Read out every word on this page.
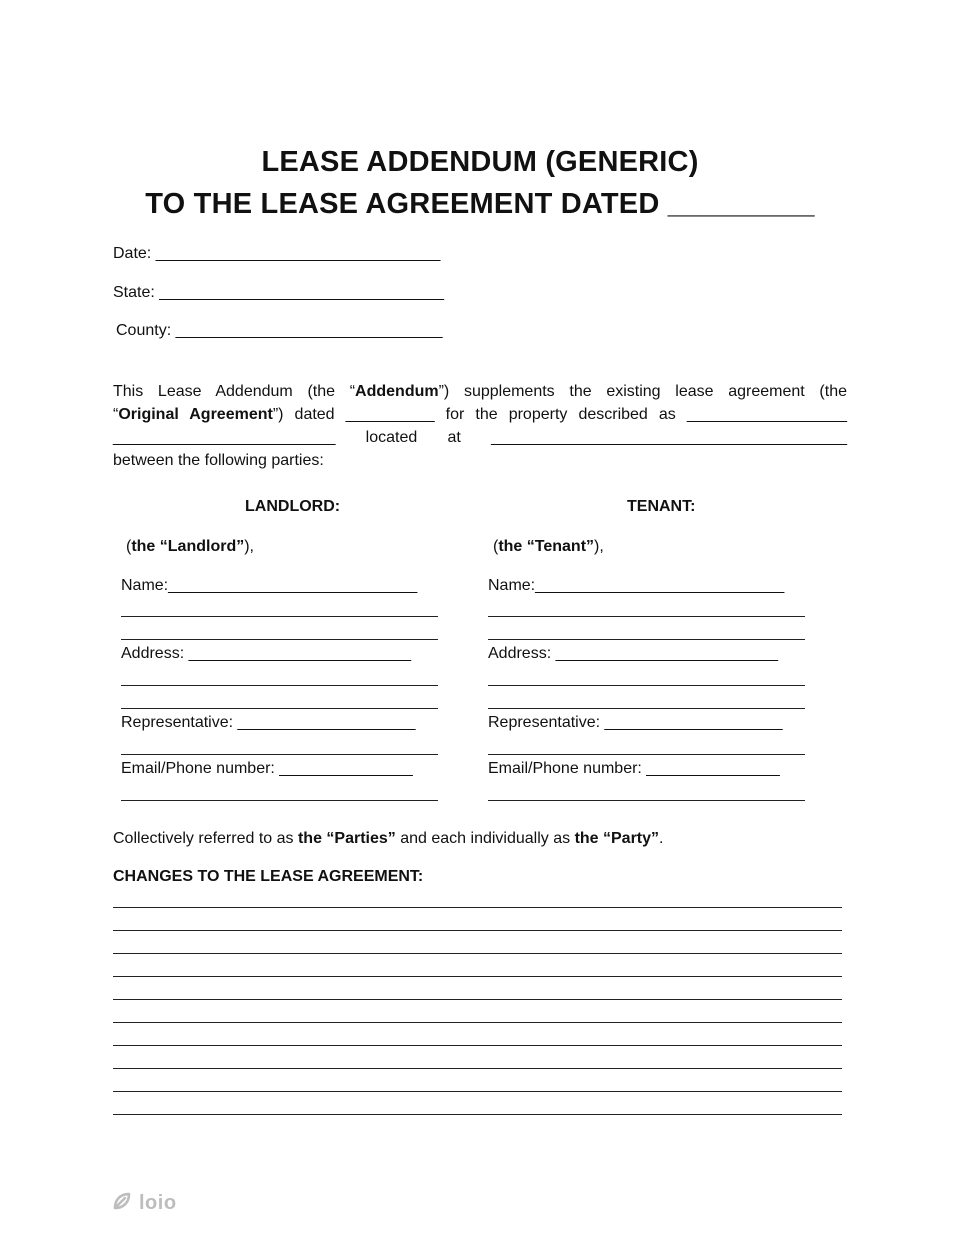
LEASE ADDENDUM (GENERIC)
TO THE LEASE AGREEMENT DATED _________
Date: ________________________________
State: ________________________________
County: ______________________________
This Lease Addendum (the “Addendum”) supplements the existing lease agreement (the
“Original Agreement”) dated __________ for the property described as __________________
_________________________ located at ________________________________________
between the following parties:
LANDLORD:	TENANT:
(the “Landlord”),	(the “Tenant”),
Name:____________________________
Address: _________________________
Representative: ____________________
Email/Phone number: _______________
Name:____________________________
Address: _________________________
Representative: ____________________
Email/Phone number: _______________
Collectively referred to as the “Parties” and each individually as the “Party”.
CHANGES TO THE LEASE AGREEMENT:
loio
